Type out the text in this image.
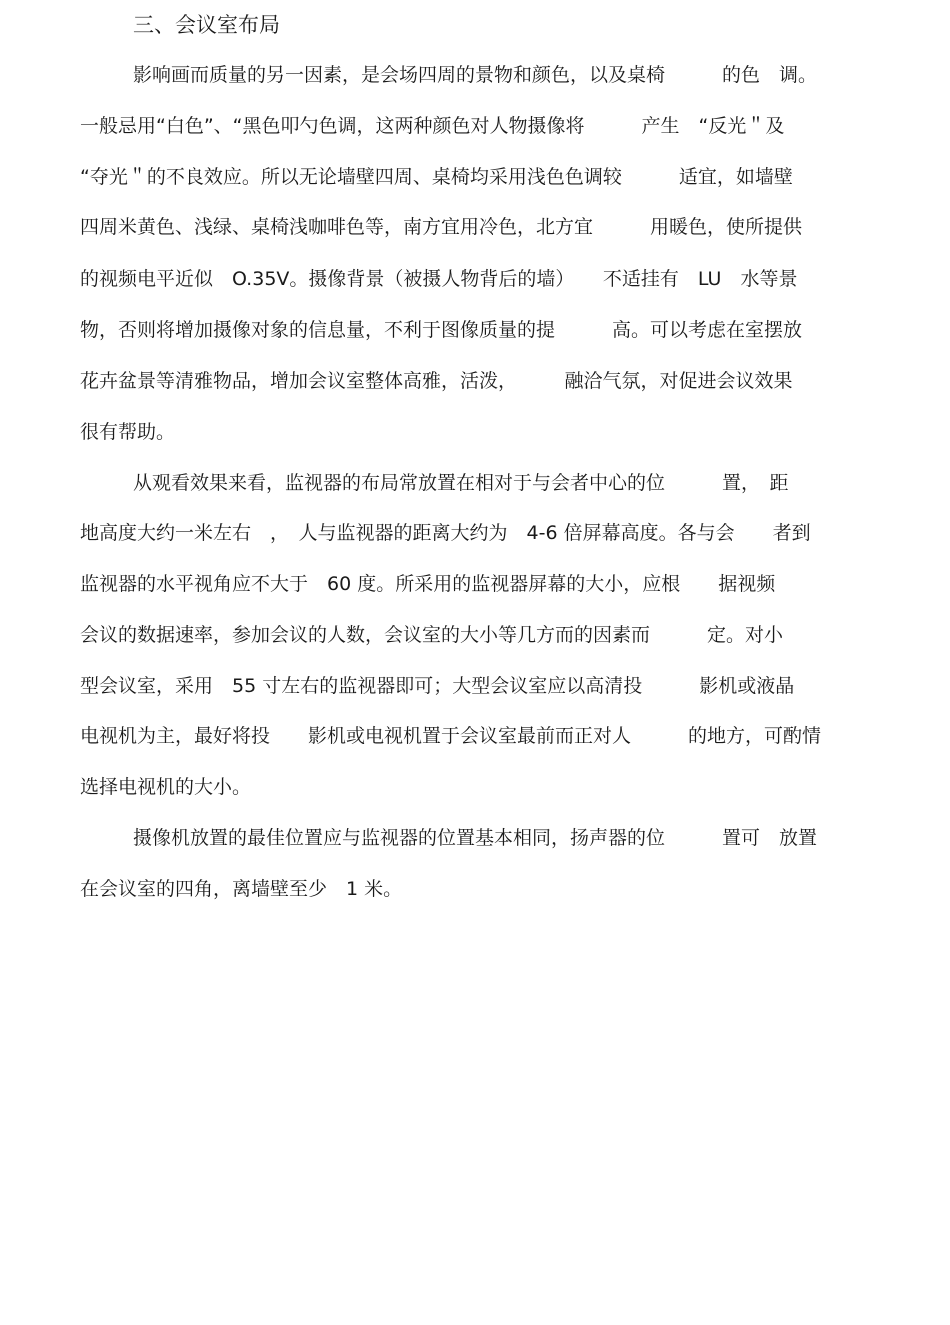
三、会议室布局
影响画而质量的另一因素，是会场四周的景物和颜色，以及桌椅　　　的色　调。
一般忌用“白色”、“黑色叩勺色调，这两种颜色对人物摄像将　　　产生　“反光＂及
“夺光＂的不良效应。所以无论墙壁四周、桌椅均采用浅色色调较　　　适宜，如墙壁
四周米黄色、浅绿、桌椅浅咖啡色等，南方宜用冷色，北方宜　　　用暖色，使所提供
的视频电平近似　O.35V。摄像背景（被摄人物背后的墙）　　不适挂有　LU　水等景
物，否则将增加摄像对象的信息量，不利于图像质量的提　　　高。可以考虑在室摆放
花卉盆景等清雅物品，增加会议室整体高雅，活泼，　　　融洽气氛，对促进会议效果
很有帮助。
从观看效果来看，监视器的布局常放置在相对于与会者中心的位　　　置，　距
地高度大约一米左右　，　人与监视器的距离大约为　4-6 倍屏幕高度。各与会　　者到
监视器的水平视角应不大于　60 度。所采用的监视器屏幕的大小，应根　　据视频
会议的数据速率，参加会议的人数，会议室的大小等几方而的因素而　　　定。对小
型会议室，采用　55 寸左右的监视器即可；大型会议室应以高清投　　　影机或液晶
电视机为主，最好将投　　影机或电视机置于会议室最前而正对人　　　的地方，可酌情
选择电视机的大小。
摄像机放置的最佳位置应与监视器的位置基本相同，扬声器的位　　　置可　放置
在会议室的四角，离墙壁至少　1 米。
